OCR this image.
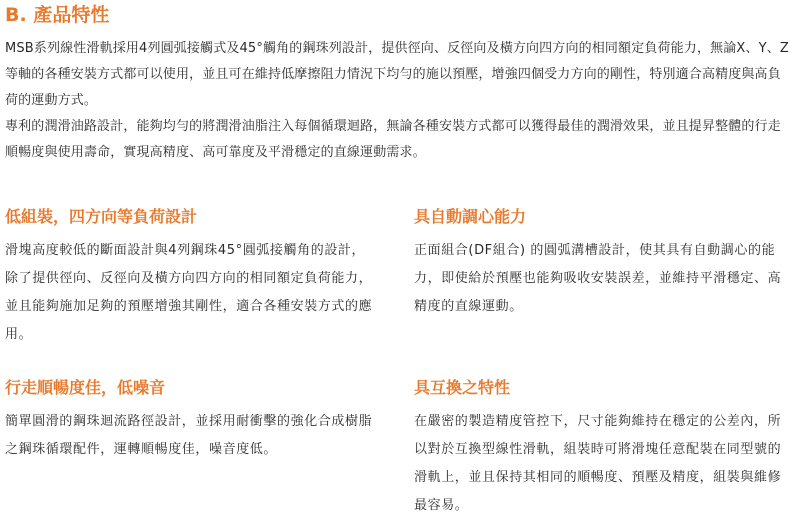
B. 產品特性

MSB系列線性滑軌採用4列圓弧接觸式及45°觸角的鋼珠列設計，提供徑向、反徑向及橫方向四方向的相同額定負荷能力，無論X、Y、Z等軸的各種安裝方式都可以使用，並且可在維持低摩擦阻力情況下均勻的施以預壓，增強四個受力方向的剛性，特別適合高精度與高負荷的運動方式。

專利的潤滑油路設計，能夠均勻的將潤滑油脂注入每個循環迴路，無論各種安裝方式都可以獲得最佳的潤滑效果，並且提昇整體的行走順暢度與使用壽命，實現高精度、高可靠度及平滑穩定的直線運動需求。

低組裝，四方向等負荷設計

滑塊高度較低的斷面設計與4列鋼珠45°圓弧接觸角的設計，除了提供徑向、反徑向及橫方向四方向的相同額定負荷能力，並且能夠施加足夠的預壓增強其剛性，適合各種安裝方式的應用。

具自動調心能力

正面組合(DF組合) 的圓弧溝槽設計，使其具有自動調心的能力，即使給於預壓也能夠吸收安裝誤差，並維持平滑穩定、高精度的直線運動。

行走順暢度佳，低噪音

簡單圓滑的鋼珠迴流路徑設計，並採用耐衝擊的強化合成樹脂之鋼珠循環配件，運轉順暢度佳，噪音度低。

具互換之特性

在嚴密的製造精度管控下，尺寸能夠維持在穩定的公差內，所以對於互換型線性滑軌，組裝時可將滑塊任意配裝在同型號的滑軌上，並且保持其相同的順暢度、預壓及精度，組裝與維修最容易。
